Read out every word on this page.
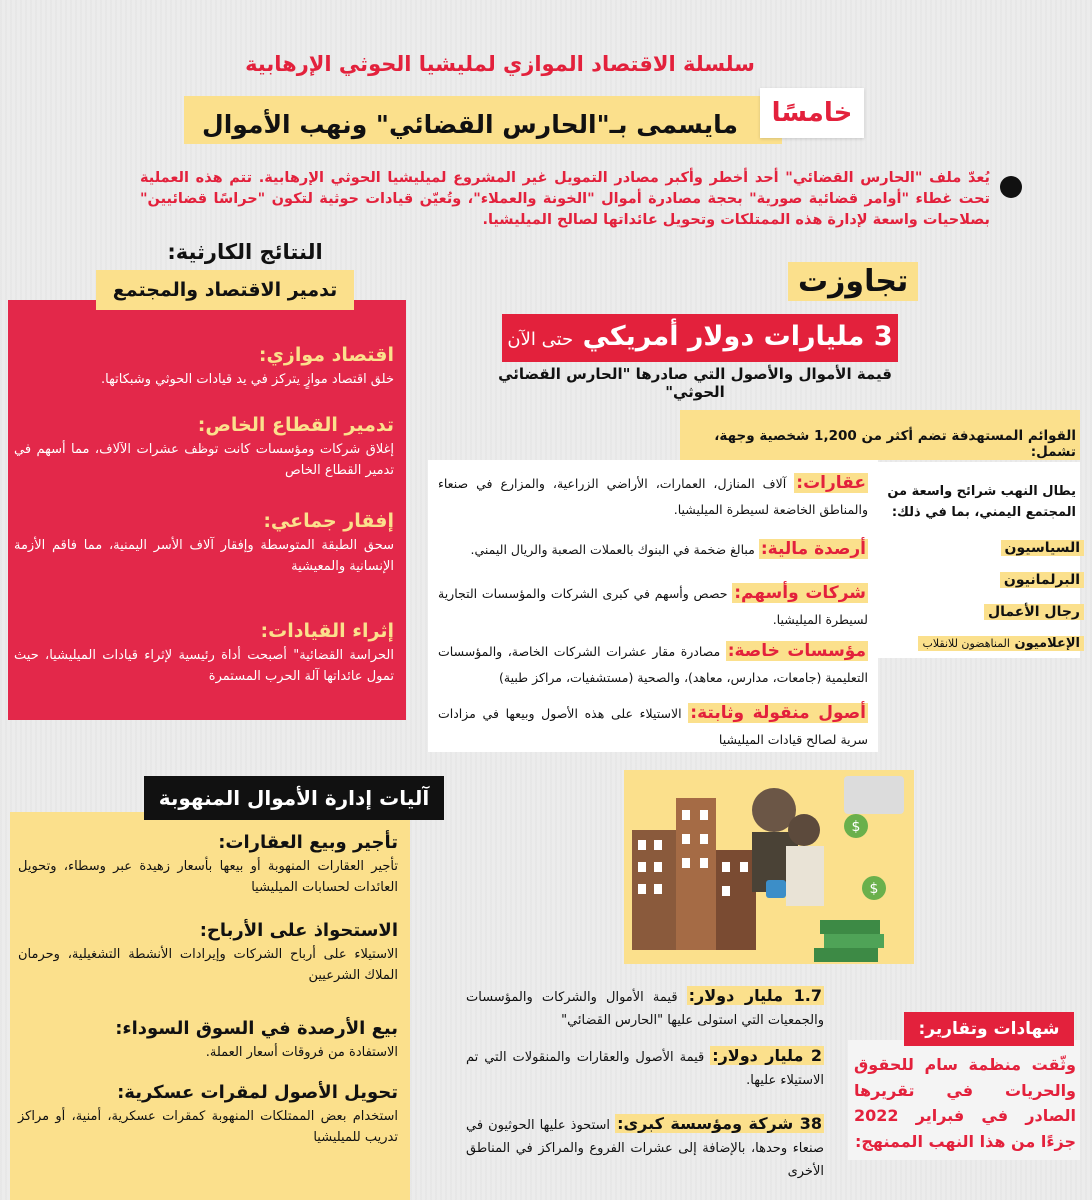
سلسلة الاقتصاد الموازي لمليشيا الحوثي الإرهابية
مايسمى بـ"الحارس القضائي" ونهب الأموال	خامسًا
يُعدّ ملف "الحارس القضائي" أحد أخطر وأكبر مصادر التمويل غير المشروع لميليشيا الحوثي الإرهابية. تتم هذه العملية تحت غطاء "أوامر قضائية صورية" بحجة مصادرة أموال "الخونة والعملاء"، وتُعيّن قيادات حوثية لتكون "حراسًا قضائيين" بصلاحيات واسعة لإدارة هذه الممتلكات وتحويل عائداتها لصالح الميليشيا.
تجاوزت
3 مليارات دولار أمريكي حتى الآن
قيمة الأموال والأصول التي صادرها "الحارس القضائي الحوثي"
النتائج الكارثية:
اقتصاد موازي:
خلق اقتصاد موازٍ يتركز في يد قيادات الحوثي وشبكاتها.
تدمير القطاع الخاص:
إغلاق شركات ومؤسسات كانت توظف عشرات الآلاف، مما أسهم في تدمير القطاع الخاص
إفقار جماعي:
سحق الطبقة المتوسطة وإفقار آلاف الأسر اليمنية، مما فاقم الأزمة الإنسانية والمعيشية
إثراء القيادات:
الحراسة القضائية" أصبحت أداة رئيسية لإثراء قيادات الميليشيا، حيث تمول عائداتها آلة الحرب المستمرة
تدمير الاقتصاد والمجتمع
القوائم المستهدفة تضم أكثر من 1,200 شخصية وجهة، تشمل:
عقارات: آلاف المنازل، العمارات، الأراضي الزراعية، والمزارع في صنعاء والمناطق الخاضعة لسيطرة الميليشيا.
أرصدة مالية: مبالغ ضخمة في البنوك بالعملات الصعبة والريال اليمني.
شركات وأسهم: حصص وأسهم في كبرى الشركات والمؤسسات التجارية لسيطرة الميليشيا.
مؤسسات خاصة: مصادرة مقار عشرات الشركات الخاصة، والمؤسسات التعليمية (جامعات، مدارس، معاهد)، والصحية (مستشفيات، مراكز طبية)
أصول منقولة وثابتة: الاستيلاء على هذه الأصول وبيعها في مزادات سرية لصالح قيادات الميليشيا
يطال النهب شرائح واسعة من المجتمع اليمني، بما في ذلك:
السياسيون
البرلمانيون
رجال الأعمال
الإعلاميون المناهضون للانقلاب
تأجير وبيع العقارات:
تأجير العقارات المنهوبة أو بيعها بأسعار زهيدة عبر وسطاء، وتحويل العائدات لحسابات الميليشيا
الاستحواذ على الأرباح:
الاستيلاء على أرباح الشركات وإيرادات الأنشطة التشغيلية، وحرمان الملاك الشرعيين
بيع الأرصدة في السوق السوداء:
الاستفادة من فروقات أسعار العملة.
تحويل الأصول لمقرات عسكرية:
استخدام بعض الممتلكات المنهوبة كمقرات عسكرية، أمنية، أو مراكز تدريب للميليشيا
آليات إدارة الأموال المنهوبة
$
$
1.7 مليار دولار: قيمة الأموال والشركات والمؤسسات والجمعيات التي استولى عليها "الحارس القضائي"
2 مليار دولار: قيمة الأصول والعقارات والمنقولات التي تم الاستيلاء عليها.
38 شركة ومؤسسة كبرى: استحوذ عليها الحوثيون في صنعاء وحدها، بالإضافة إلى عشرات الفروع والمراكز في المناطق الأخرى
شهادات وتقارير:
وثّقت منظمة سام للحقوق والحريات في تقريرها الصادر في فبراير 2022 جزءًا من هذا النهب الممنهج:
